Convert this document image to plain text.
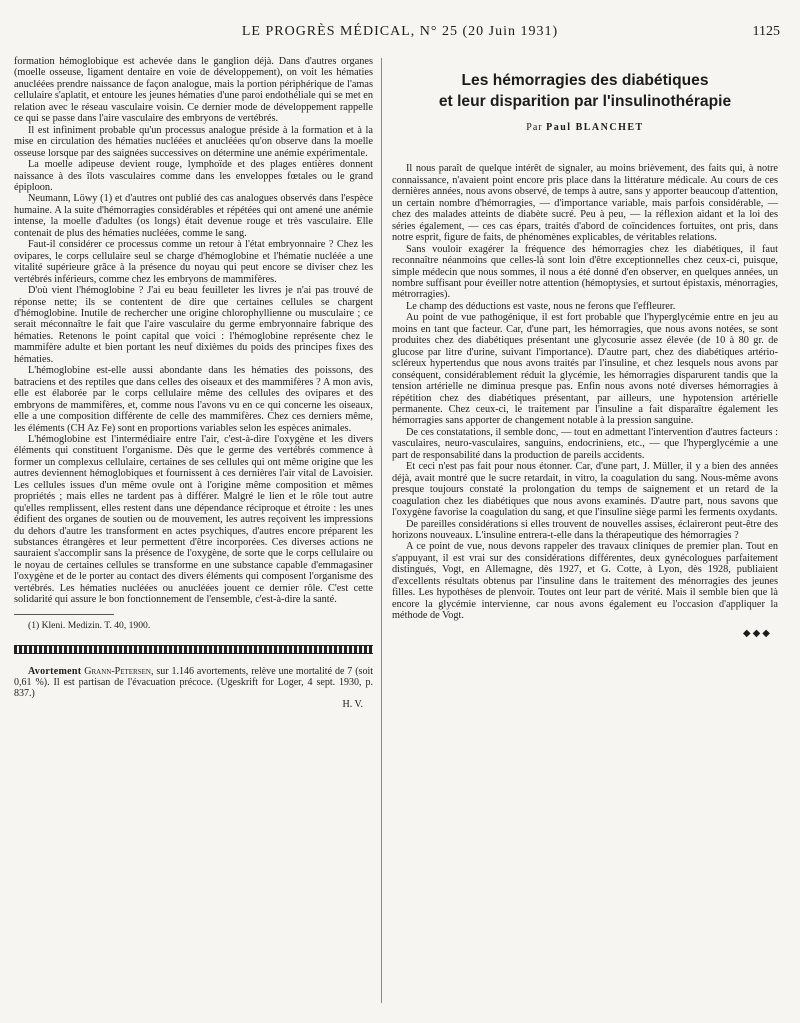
LE PROGRÈS MÉDICAL, N° 25 (20 Juin 1931)	1125

formation hémoglobique est achevée dans le ganglion déjà. Dans d'autres organes (moelle osseuse, ligament dentaire en voie de développement), on voit les hématies anucléées prendre naissance de façon analogue, mais la portion périphérique de l'amas cellulaire s'aplatit, et entoure les jeunes hématies d'une paroi endothéliale qui se met en relation avec le réseau vasculaire voisin. Ce dernier mode de développement rappelle ce qui se passe dans l'aire vasculaire des embryons de vertébrés.

Il est infiniment probable qu'un processus analogue préside à la formation et à la mise en circulation des hématies nucléées et anucléées qu'on observe dans la moelle osseuse lorsque par des saignées successives on détermine une anémie expérimentale.

La moelle adipeuse devient rouge, lymphoïde et des plages entières donnent naissance à des îlots vasculaires comme dans les enveloppes fœtales ou le grand épiploon.

Neumann, Löwy (1) et d'autres ont publié des cas analogues observés dans l'espèce humaine. A la suite d'hémorragies considérables et répétées qui ont amené une anémie intense, la moelle d'adultes (os longs) était devenue rouge et très vasculaire. Elle contenait de plus des hématies nucléées, comme le sang.

Faut-il considérer ce processus comme un retour à l'état embryonnaire ? Chez les ovipares, le corps cellulaire seul se charge d'hémoglobine et l'hématie nucléée a une vitalité supérieure grâce à la présence du noyau qui peut encore se diviser chez les vertébrés inférieurs, comme chez les embryons de mammifères.

D'où vient l'hémoglobine ? J'ai eu beau feuilleter les livres je n'ai pas trouvé de réponse nette; ils se contentent de dire que certaines cellules se chargent d'hémoglobine. Inutile de rechercher une origine chlorophyllienne ou musculaire ; ce serait méconnaître le fait que l'aire vasculaire du germe embryonnaire fabrique des hématies. Retenons le point capital que voici : l'hémoglobine représente chez le mammifère adulte et bien portant les neuf dixièmes du poids des principes fixes des hématies.

L'hémoglobine est-elle aussi abondante dans les hématies des poissons, des batraciens et des reptiles que dans celles des oiseaux et des mammifères ? A mon avis, elle est élaborée par le corps cellulaire même des cellules des ovipares et des embryons de mammifères, et, comme nous l'avons vu en ce qui concerne les oiseaux, elle a une composition différente de celle des mammifères. Chez ces derniers même, les éléments (CH Az Fe) sont en proportions variables selon les espèces animales.

L'hémoglobine est l'intermédiaire entre l'air, c'est-à-dire l'oxygène et les divers éléments qui constituent l'organisme. Dès que le germe des vertébrés commence à former un complexus cellulaire, certaines de ses cellules qui ont même origine que les autres deviennent hémoglobiques et fournissent à ces dernières l'air vital de Lavoisier. Les cellules issues d'un même ovule ont à l'origine même composition et mêmes propriétés ; mais elles ne tardent pas à différer. Malgré le lien et le rôle tout autre qu'elles remplissent, elles restent dans une dépendance réciproque et étroite : les unes édifient des organes de soutien ou de mouvement, les autres reçoivent les impressions du dehors d'autre les transforment en actes psychiques, d'autres encore préparent les substances étrangères et leur permettent d'être incorporées. Ces diverses actions ne sauraient s'accomplir sans la présence de l'oxygène, de sorte que le corps cellulaire ou le noyau de certaines cellules se transforme en une substance capable d'emmagasiner l'oxygène et de le porter au contact des divers éléments qui composent l'organisme des vertébrés. Les hématies nucléées ou anucléées jouent ce dernier rôle. C'est cette solidarité qui assure le bon fonctionnement de l'ensemble, c'est-à-dire la santé.

(1) Kleni. Medizin. T. 40, 1900.
Avortement Grann-Petersen, sur 1.146 avortements, relève une mortalité de 7 (soit 0,61 %). Il est partisan de l'évacuation précoce. (Ugeskrift for Loger, 4 sept. 1930, p. 837.)
H. V.
Les hémorragies des diabétiques
et leur disparition par l'insulinothérapie
Par Paul BLANCHET

Il nous paraît de quelque intérêt de signaler, au moins brièvement, des faits qui, à notre connaissance, n'avaient point encore pris place dans la littérature médicale. Au cours de ces dernières années, nous avons observé, de temps à autre, sans y apporter beaucoup d'attention, un certain nombre d'hémorragies, — d'importance variable, mais parfois considérable, — chez des malades atteints de diabète sucré. Peu à peu, — la réflexion aidant et la loi des séries également, — ces cas épars, traités d'abord de coïncidences fortuites, ont pris, dans notre esprit, figure de faits, de phénomènes explicables, de véritables relations.

Sans vouloir exagérer la fréquence des hémorragies chez les diabétiques, il faut reconnaître néanmoins que celles-là sont loin d'être exceptionnelles chez ceux-ci, puisque, simple médecin que nous sommes, il nous a été donné d'en observer, en quelques années, un nombre suffisant pour éveiller notre attention (hémoptysies, et surtout épistaxis, ménorragies, métrorragies).

Le champ des déductions est vaste, nous ne ferons que l'effleurer.

Au point de vue pathogénique, il est fort probable que l'hyperglycémie entre en jeu au moins en tant que facteur. Car, d'une part, les hémorragies, que nous avons notées, se sont produites chez des diabétiques présentant une glycosurie assez élevée (de 10 à 80 gr. de glucose par litre d'urine, suivant l'importance). D'autre part, chez des diabétiques artério-scléreux hypertendus que nous avons traités par l'insuline, et chez lesquels nous avons par conséquent, considérablement réduit la glycémie, les hémorragies disparurent tandis que la tension artérielle ne diminua presque pas. Enfin nous avons noté diverses hémorragies à répétition chez des diabétiques présentant, par ailleurs, une hypotension artérielle permanente. Chez ceux-ci, le traitement par l'insuline a fait disparaître également les hémorragies sans apporter de changement notable à la pression sanguine.

De ces constatations, il semble donc, — tout en admettant l'intervention d'autres facteurs : vasculaires, neuro-vasculaires, sanguins, endocriniens, etc., — que l'hyperglycémie a une part de responsabilité dans la production de pareils accidents.

Et ceci n'est pas fait pour nous étonner. Car, d'une part, J. Müller, il y a bien des années déjà, avait montré que le sucre retardait, in vitro, la coagulation du sang. Nous-même avons presque toujours constaté la prolongation du temps de saignement et un retard de la coagulation chez les diabétiques que nous avons examinés. D'autre part, nous savons que l'oxygène favorise la coagulation du sang, et que l'insuline siège parmi les ferments oxydants.

De pareilles considérations si elles trouvent de nouvelles assises, éclaireront peut-être des horizons nouveaux. L'insuline entrera-t-elle dans la thérapeutique des hémorragies ?

A ce point de vue, nous devons rappeler des travaux cliniques de premier plan. Tout en s'appuyant, il est vrai sur des considérations différentes, deux gynécologues parfaitement distingués, Vogt, en Allemagne, dès 1927, et G. Cotte, à Lyon, dès 1928, publiaient d'excellents résultats obtenus par l'insuline dans le traitement des ménorragies des jeunes filles. Les hypothèses de plenvoir. Toutes ont leur part de vérité. Mais il semble bien que là encore la glycémie intervienne, car nous avons également eu l'occasion d'appliquer la méthode de Vogt.

◆◆◆
